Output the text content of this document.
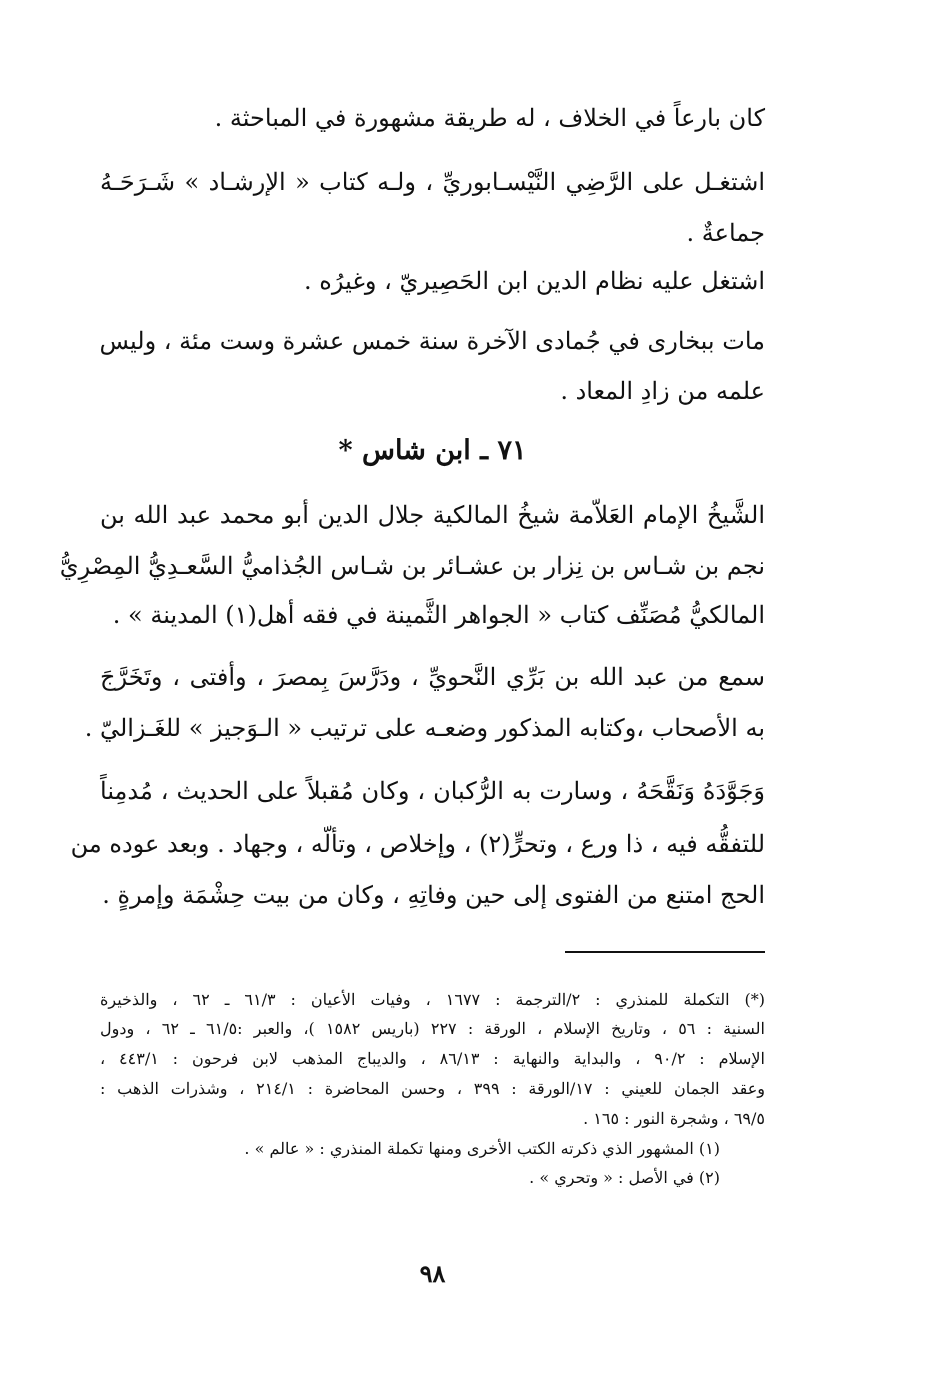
كان بارعاً في الخلاف ، له طريقة مشهورة في المباحثة .
اشتغـل على الرَّضِي النَّيْسـابوريِّ ، ولـه كتاب « الإرشـاد » شَـرَحَـهُ
جماعةٌ .
اشتغل عليه نظام الدين ابن الحَصِيريّ ، وغيرُه .
مات ببخارى في جُمادى الآخرة سنة خمس عشرة وست مئة ، وليس
علمه من زادِ المعاد .
٧١ ـ ابن شاس *
الشَّيخُ الإمام العَلاّمة شيخُ المالكية جلال الدين أبو محمد عبد الله بن
نجم بن شـاس بن نِزار بن عشـائر بن شـاس الجُذاميُّ السَّعـدِيُّ المِصْرِيُّ
المالكيُّ مُصَنِّف كتاب « الجواهر الثَّمينة في فقه أهل(١) المدينة » .
سمع من عبد الله بن بَرِّي النَّحويِّ ، ودَرَّسَ بِمصرَ ، وأفتى ، وتَخَرَّجَ
به الأصحاب ،وكتابه المذكور وضعـه على ترتيب « الـوَجيز » للغَـزاليّ .
وَجَوَّدَهُ وَنَقَّحَهُ ، وسارت به الرُّكبان ، وكان مُقبلاً على الحديث ، مُدمِناً
للتفقُّه فيه ، ذا ورع ، وتحرٍّ(٢) ، وإخلاص ، وتألّه ، وجهاد . وبعد عوده من
الحج امتنع من الفتوى إلى حين وفاتِهِ ، وكان من بيت حِشْمَة وإمرةٍ .
(*) التكملة للمنذري : ٢/الترجمة : ١٦٧٧ ، وفيات الأعيان : ٦١/٣ ـ ٦٢ ، والذخيرة
السنية : ٥٦ ، وتاريخ الإسلام ، الورقة : ٢٢٧ (باريس ١٥٨٢ )، والعبر :٦١/٥ ـ ٦٢ ، ودول
الإسلام : ٩٠/٢ ، والبداية والنهاية : ٨٦/١٣ ، والديباج المذهب لابن فرحون : ٤٤٣/١ ،
وعقد الجمان للعيني : ١٧/الورقة : ٣٩٩ ، وحسن المحاضرة : ٢١٤/١ ، وشذرات الذهب :
٦٩/٥ ، وشجرة النور : ١٦٥ .
(١) المشهور الذي ذكرته الكتب الأخرى ومنها تكملة المنذري : « عالم » .
(٢) في الأصل : « وتحري » .
٩٨
